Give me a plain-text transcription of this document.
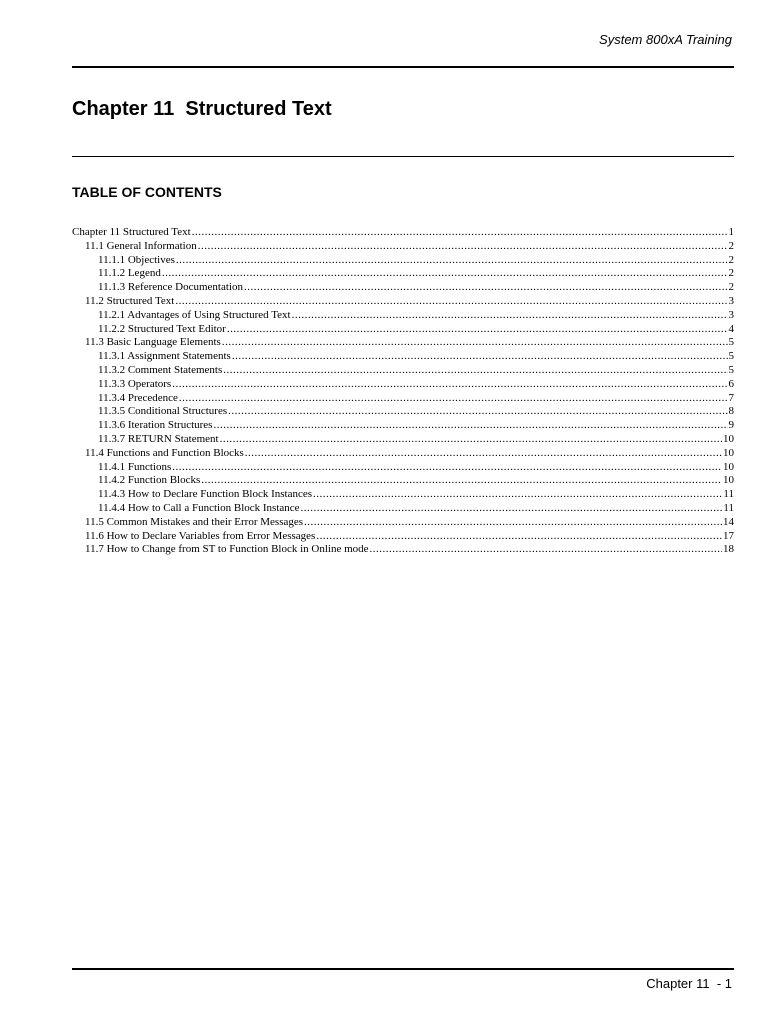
System 800xA Training
Chapter 11  Structured Text
TABLE OF CONTENTS
Chapter 11 Structured Text .....	1
11.1 General Information .....	2
11.1.1 Objectives .....	2
11.1.2 Legend .....	2
11.1.3 Reference Documentation .....	2
11.2 Structured Text .....	3
11.2.1 Advantages of Using Structured Text .....	3
11.2.2 Structured Text Editor .....	4
11.3 Basic Language Elements .....	5
11.3.1 Assignment Statements .....	5
11.3.2 Comment Statements .....	5
11.3.3 Operators .....	6
11.3.4 Precedence .....	7
11.3.5 Conditional Structures .....	8
11.3.6 Iteration Structures .....	9
11.3.7 RETURN Statement .....	10
11.4 Functions and Function Blocks .....	10
11.4.1 Functions .....	10
11.4.2 Function Blocks .....	10
11.4.3 How to Declare Function Block Instances .....	11
11.4.4 How to Call a Function Block Instance .....	11
11.5 Common Mistakes and their Error Messages .....	14
11.6 How to Declare Variables from Error Messages .....	17
11.7 How to Change from ST to Function Block in Online mode .....	18
Chapter 11  - 1
